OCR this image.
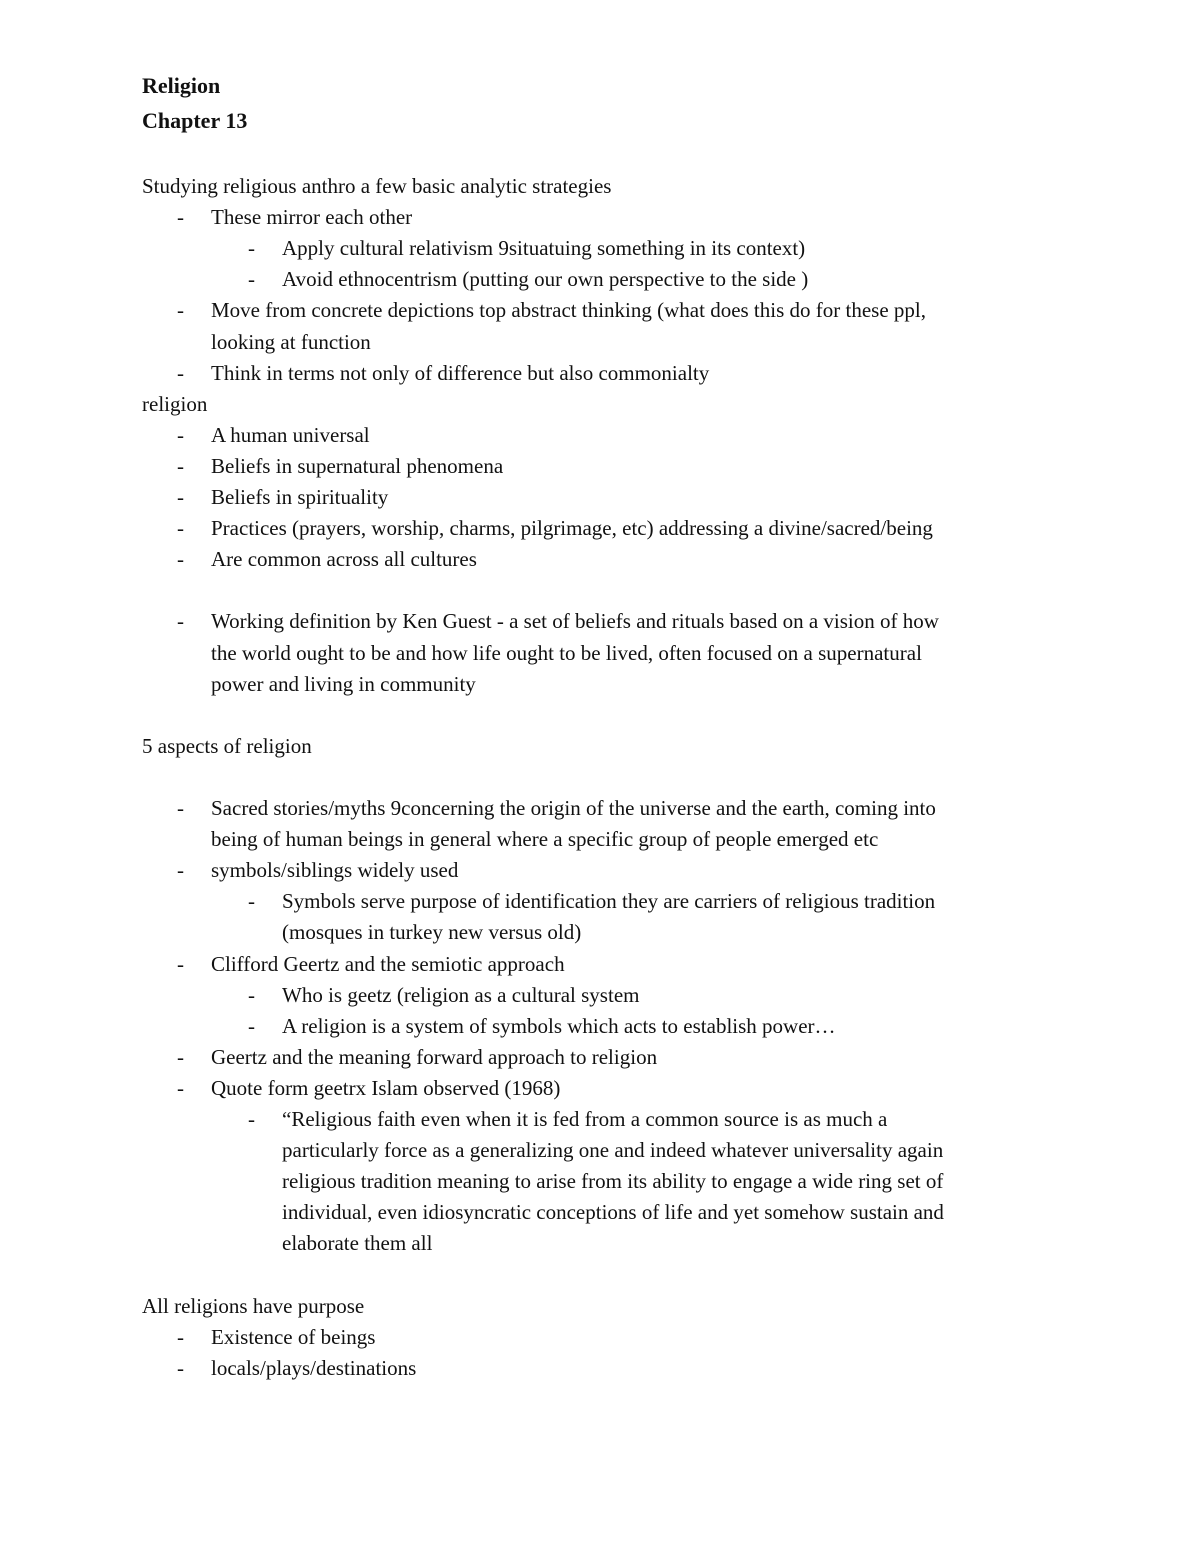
Religion
Chapter 13
Studying religious anthro a few basic analytic strategies
- These mirror each other
- Apply cultural relativism 9situatuing something in its context)
- Avoid ethnocentrism (putting our own perspective to the side )
- Move from concrete depictions top abstract thinking (what does this do for these ppl,
looking at function
- Think in terms not only of difference but also commonialty
religion
- A human universal
- Beliefs in supernatural phenomena
- Beliefs in spirituality
- Practices (prayers, worship, charms, pilgrimage, etc) addressing a divine/sacred/being
- Are common across all cultures
- Working definition by Ken Guest - a set of beliefs and rituals based on a vision of how
the world ought to be and how life ought to be lived, often focused on a supernatural
power and living in community
5 aspects of religion
- Sacred stories/myths 9concerning the origin of the universe and the earth, coming into
being of human beings in general where a specific group of people emerged etc
- symbols/siblings widely used
- Symbols serve purpose of identification they are carriers of religious tradition
(mosques in turkey new versus old)
- Clifford Geertz and the semiotic approach
- Who is geetz (religion as a cultural system
- A religion is a system of symbols which acts to establish power…
- Geertz and the meaning forward approach to religion
- Quote form geetrx Islam observed (1968)
- “Religious faith even when it is fed from a common source is as much a
particularly force as a generalizing one and indeed whatever universality again
religious tradition meaning to arise from its ability to engage a wide ring set of
individual, even idiosyncratic conceptions of life and yet somehow sustain and
elaborate them all
All religions have purpose
- Existence of beings
- locals/plays/destinations
